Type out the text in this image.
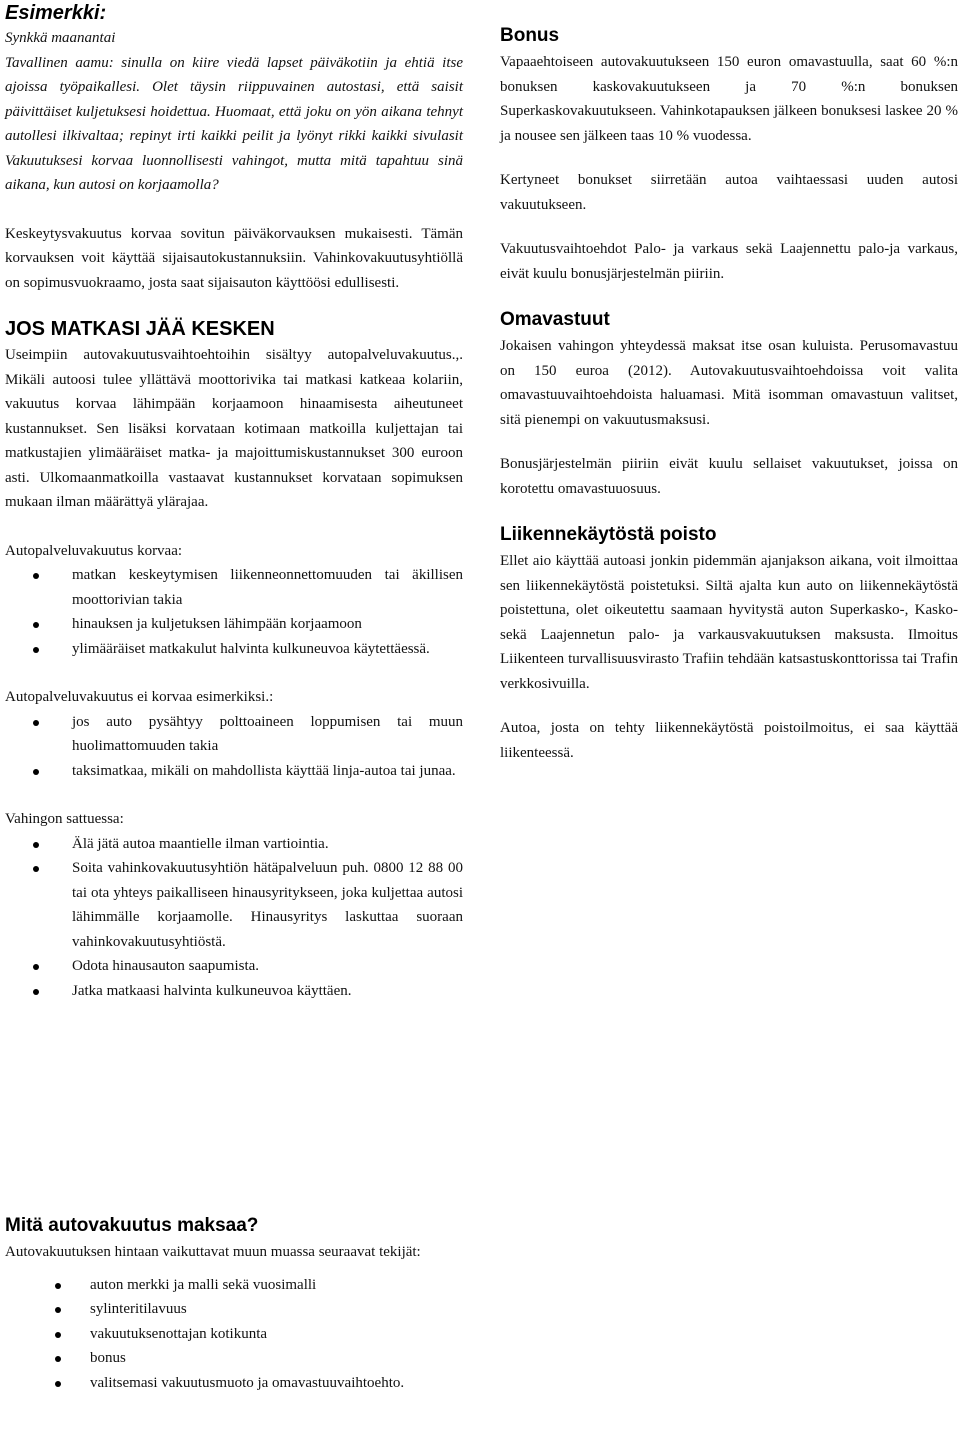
Esimerkki:

Synkkä maanantai

Tavallinen aamu: sinulla on kiire viedä lapset päiväkotiin ja ehtiä itse ajoissa työpaikallesi. Olet täysin riippuvainen autostasi, että saisit päivittäiset kuljetuksesi hoidettua. Huomaat, että joku on yön aikana tehnyt autollesi ilkivaltaa; repinyt irti kaikki peilit ja lyönyt rikki kaikki sivulasit Vakuutuksesi korvaa luonnollisesti vahingot, mutta mitä tapahtuu sinä aikana, kun autosi on korjaamolla?

Keskeytysvakuutus korvaa sovitun päiväkorvauksen mukaisesti. Tämän korvauksen voit käyttää sijaisautokustannuksiin. Vahinkovakuutusyhtiöllä on sopimusvuokraamo, josta saat sijaisauton käyttöösi edullisesti.

JOS MATKASI JÄÄ KESKEN

Useimpiin autovakuutusvaihtoehtoihin sisältyy autopalveluvakuutus.,. Mikäli autoosi tulee yllättävä moottorivika tai matkasi katkeaa kolariin, vakuutus korvaa lähimpään korjaamoon hinaamisesta aiheutuneet kustannukset. Sen lisäksi korvataan kotimaan matkoilla kuljettajan tai matkustajien ylimääräiset matka- ja majoittumiskustannukset 300 euroon asti. Ulkomaanmatkoilla vastaavat kustannukset korvataan sopimuksen mukaan ilman määrättyä ylärajaa.

Autopalveluvakuutus korvaa:

matkan keskeytymisen liikenneonnettomuuden tai äkillisen moottorivian takia
hinauksen ja kuljetuksen lähimpään korjaamoon
ylimääräiset matkakulut halvinta kulkuneuvoa käytettäessä.

Autopalveluvakuutus ei korvaa esimerkiksi.:

jos auto pysähtyy polttoaineen loppumisen tai muun huolimattomuuden takia
taksimatkaa, mikäli on mahdollista käyttää linja-autoa tai junaa.

Vahingon sattuessa:

Älä jätä autoa maantielle ilman vartiointia.
Soita vahinkovakuutusyhtiön hätäpalveluun puh. 0800 12 88 00 tai ota yhteys paikalliseen hinausyritykseen, joka kuljettaa autosi lähimmälle korjaamolle. Hinausyritys laskuttaa suoraan vahinkovakuutusyhtiöstä.
Odota hinausauton saapumista.
Jatka matkaasi halvinta kulkuneuvoa käyttäen.
Bonus

Vapaaehtoiseen autovakuutukseen 150 euron omavastuulla, saat 60 %:n bonuksen kaskovakuutukseen ja 70 %:n bonuksen Superkaskovakuutukseen. Vahinkotapauksen jälkeen bonuksesi laskee 20 % ja nousee sen jälkeen taas 10 % vuodessa.

Kertyneet bonukset siirretään autoa vaihtaessasi uuden autosi vakuutukseen.

Vakuutusvaihtoehdot Palo- ja varkaus sekä Laajennettu palo-ja varkaus, eivät kuulu bonusjärjestelmän piiriin.

Omavastuut

Jokaisen vahingon yhteydessä maksat itse osan kuluista. Perusomavastuu on 150 euroa (2012). Autovakuutusvaihtoehdoissa voit valita omavastuuvaihtoehdoista haluamasi. Mitä isomman omavastuun valitset, sitä pienempi on vakuutusmaksusi.

Bonusjärjestelmän piiriin eivät kuulu sellaiset vakuutukset, joissa on korotettu omavastuuosuus.

Liikennekäytöstä poisto

Ellet aio käyttää autoasi jonkin pidemmän ajanjakson aikana, voit ilmoittaa sen liikennekäytöstä poistetuksi. Siltä ajalta kun auto on liikennekäytöstä poistettuna, olet oikeutettu saamaan hyvitystä auton Superkasko-, Kasko- sekä Laajennetun palo- ja varkausvakuutuksen maksusta. Ilmoitus Liikenteen turvallisuusvirasto Trafiin tehdään katsastuskonttorissa tai Trafin verkkosivuilla.

Autoa, josta on tehty liikennekäytöstä poistoilmoitus, ei saa käyttää liikenteessä.

Mitä autovakuutus maksaa?

Autovakuutuksen hintaan vaikuttavat muun muassa seuraavat tekijät:

auton merkki ja malli sekä vuosimalli
sylinteritilavuus
vakuutuksenottajan kotikunta
bonus
valitsemasi vakuutusmuoto ja omavastuuvaihtoehto.
